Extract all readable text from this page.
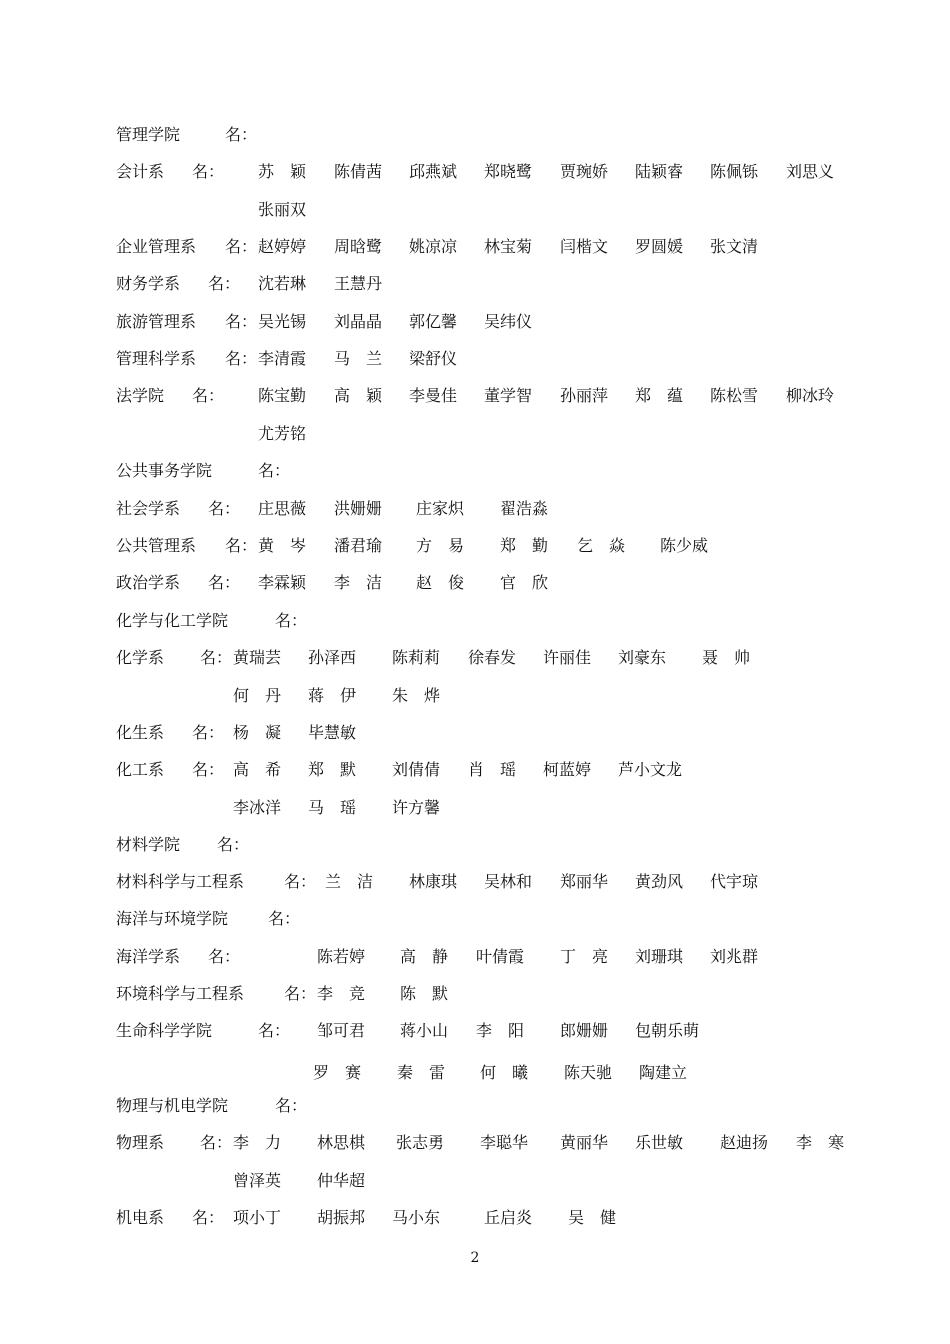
管理学院	名：
会计系 名： 苏　颖 陈倩茜 邱燕斌 郑晓鹭 贾琬娇 陆颖睿 陈佩铄 刘思义
张丽双
企业管理系 名： 赵婷婷 周晗鹭 姚凉凉 林宝菊 闫楷文 罗圆媛 张文清
财务学系 名： 沈若琳 王慧丹
旅游管理系 名： 吴光锡 刘晶晶 郭亿馨 吴纬仪
管理科学系 名： 李清霞 马　兰 梁舒仪
法学院 名： 陈宝勤 高　颖 李曼佳 董学智 孙丽萍 郑　蕴 陈松雪 柳冰玲
尤芳铭
公共事务学院	名：
社会学系 名： 庄思薇 洪姗姗 庄家炽 翟浩淼
公共管理系 名： 黄　岑 潘君瑜 方　易 郑　勤 乞　焱 陈少威
政治学系 名： 李霖颖 李　洁 赵　俊 官　欣
化学与化工学院	名：
化学系 名： 黄瑞芸 孙泽西 陈莉莉 徐春发 许丽佳 刘豪东 聂　帅
何　丹 蒋　伊 朱　烨
化生系 名： 杨　凝 毕慧敏
化工系 名： 高　希 郑　默 刘倩倩 肖　瑶 柯蓝婷 芦小文龙
李冰洋 马　瑶 许方馨
材料学院 名：
材料科学与工程系 名： 兰　洁 林康琪 吴林和 郑丽华 黄劲风 代宇琼
海洋与环境学院 名：
海洋学系 名：	陈若婷 高　静 叶倩霞 丁　亮 刘珊琪 刘兆群
环境科学与工程系 名： 李　竞 陈　默
生命科学学院	名： 邹可君 蒋小山 李　阳 郎姗姗 包朝乐萌
罗　赛 秦　雷 何　曦 陈天驰 陶建立
物理与机电学院	名：
物理系 名： 李　力 林思棋 张志勇 李聪华 黄丽华 乐世敏 赵迪扬 李　寒
曾泽英 仲华超
机电系 名： 项小丁 胡振邦 马小东	丘启炎 吴　健
2
